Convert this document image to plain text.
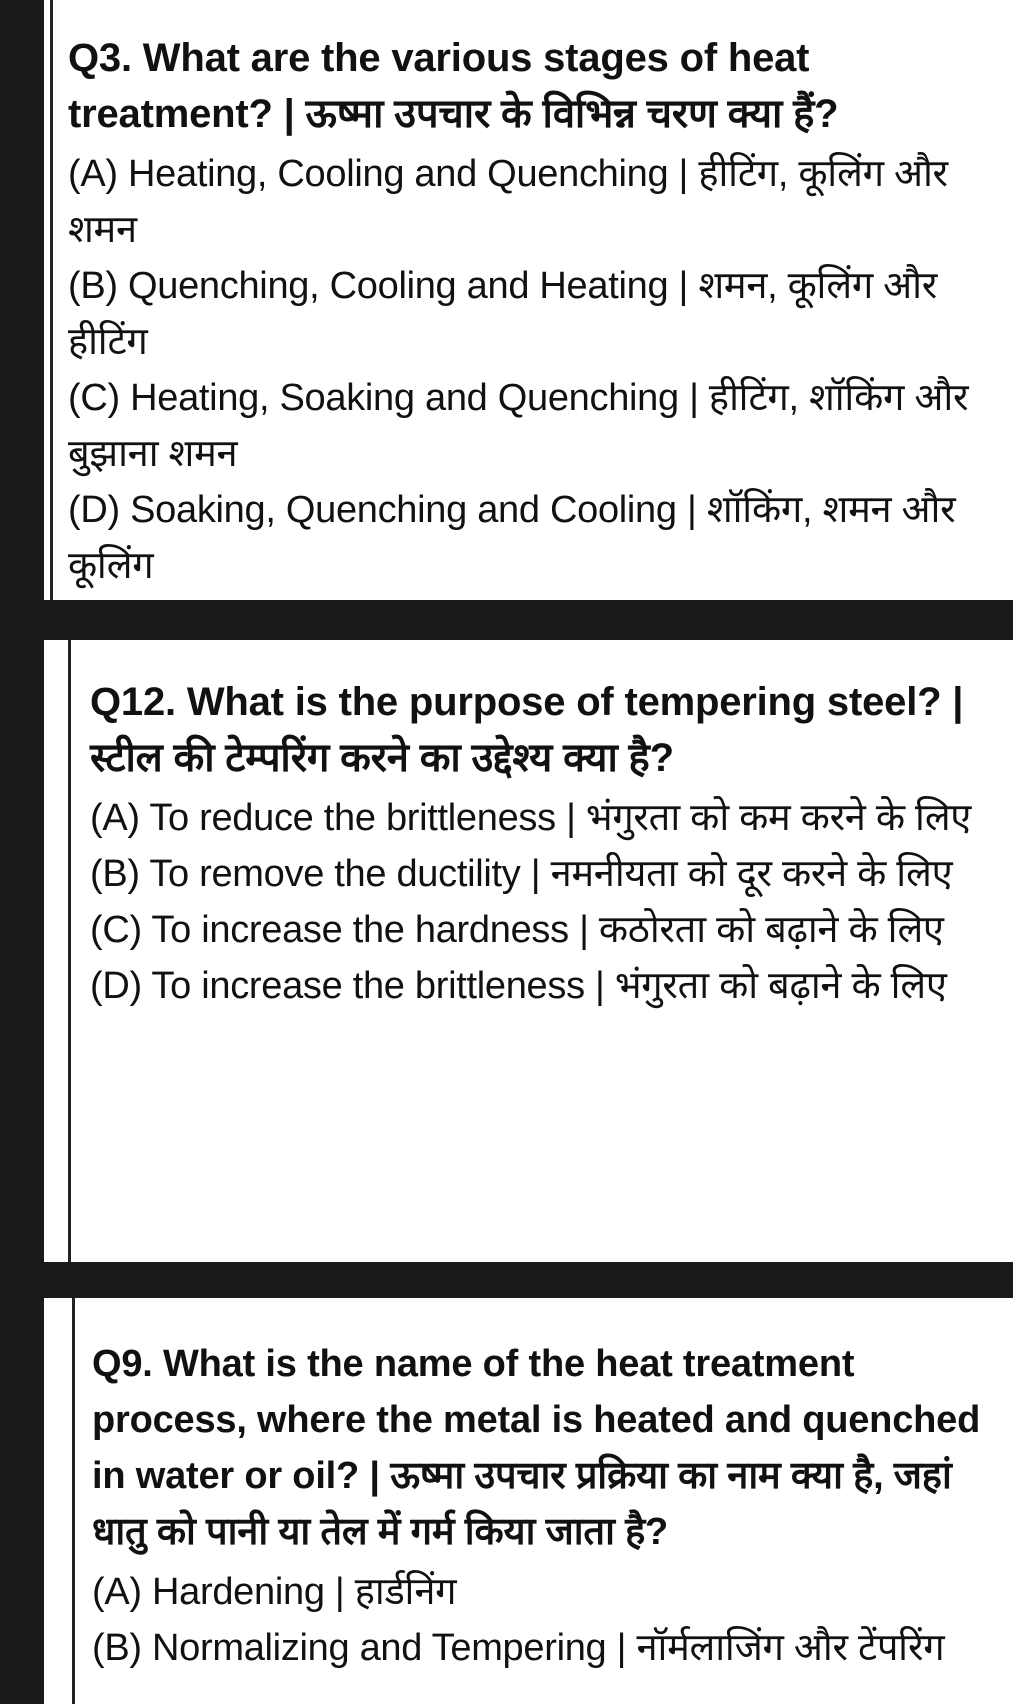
Q3. What are the various stages of heat treatment? | ऊष्मा उपचार के विभिन्न चरण क्या हैं?

(A) Heating, Cooling and Quenching | हीटिंग, कूलिंग और शमन

(B) Quenching, Cooling and Heating | शमन, कूलिंग और हीटिंग

(C) Heating, Soaking and Quenching | हीटिंग, शॉकिंग और बुझाना शमन

(D) Soaking, Quenching and Cooling | शॉकिंग, शमन और कूलिंग

Q12. What is the purpose of tempering steel? | स्टील की टेम्परिंग करने का उद्देश्य क्या है?

(A) To reduce the brittleness | भंगुरता को कम करने के लिए

(B) To remove the ductility | नमनीयता को दूर करने के लिए

(C) To increase the hardness | कठोरता को बढ़ाने के लिए

(D) To increase the brittleness | भंगुरता को बढ़ाने के लिए

Q9. What is the name of the heat treatment process, where the metal is heated and quenched in water or oil? | ऊष्मा उपचार प्रक्रिया का नाम क्या है, जहां धातु को पानी या तेल में गर्म किया जाता है?

(A) Hardening | हार्डनिंग

(B) Normalizing and Tempering | नॉर्मलाजिंग और टेंपरिंग
